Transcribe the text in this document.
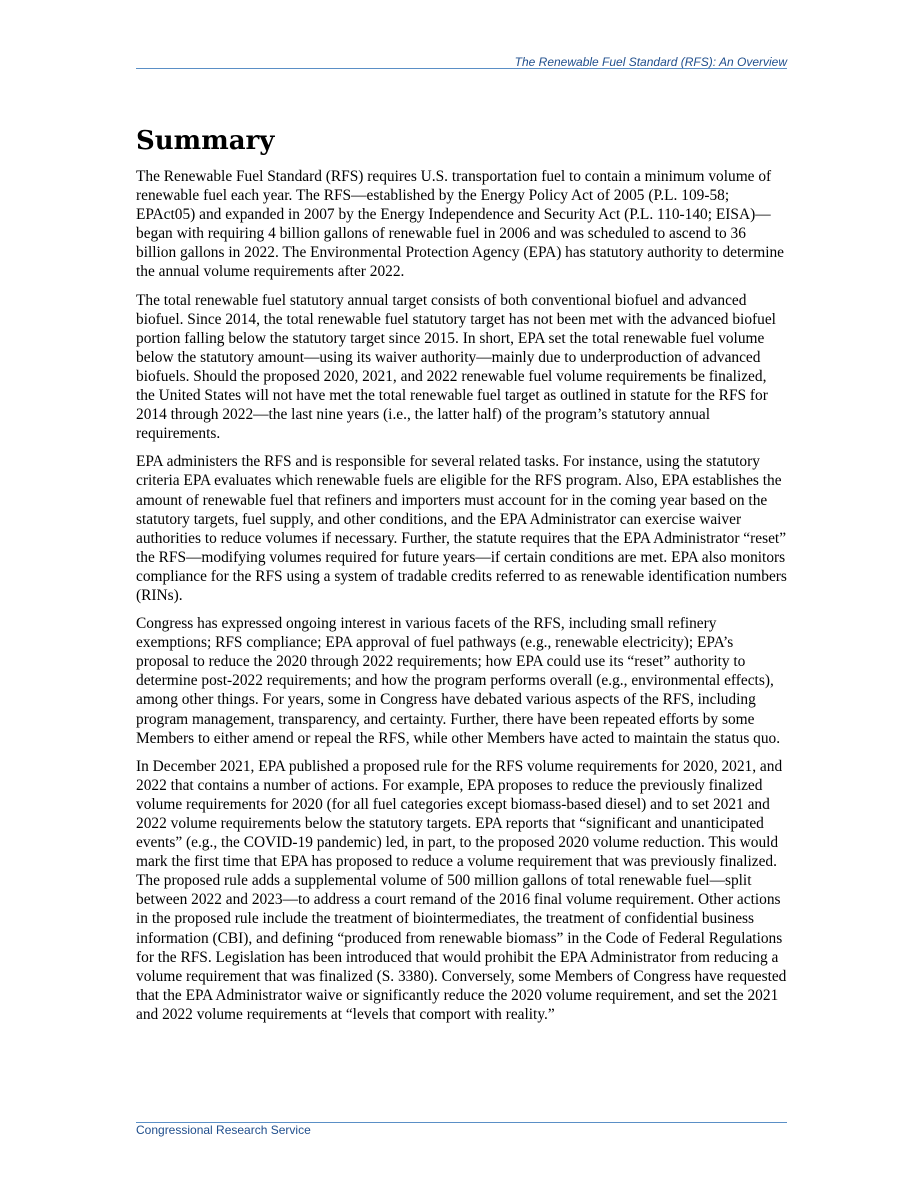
The Renewable Fuel Standard (RFS): An Overview
Summary

The Renewable Fuel Standard (RFS) requires U.S. transportation fuel to contain a minimum volume of renewable fuel each year. The RFS—established by the Energy Policy Act of 2005 (P.L. 109-58; EPAct05) and expanded in 2007 by the Energy Independence and Security Act (P.L. 110-140; EISA)—began with requiring 4 billion gallons of renewable fuel in 2006 and was scheduled to ascend to 36 billion gallons in 2022. The Environmental Protection Agency (EPA) has statutory authority to determine the annual volume requirements after 2022.

The total renewable fuel statutory annual target consists of both conventional biofuel and advanced biofuel. Since 2014, the total renewable fuel statutory target has not been met with the advanced biofuel portion falling below the statutory target since 2015. In short, EPA set the total renewable fuel volume below the statutory amount—using its waiver authority—mainly due to underproduction of advanced biofuels. Should the proposed 2020, 2021, and 2022 renewable fuel volume requirements be finalized, the United States will not have met the total renewable fuel target as outlined in statute for the RFS for 2014 through 2022—the last nine years (i.e., the latter half) of the program’s statutory annual requirements.

EPA administers the RFS and is responsible for several related tasks. For instance, using the statutory criteria EPA evaluates which renewable fuels are eligible for the RFS program. Also, EPA establishes the amount of renewable fuel that refiners and importers must account for in the coming year based on the statutory targets, fuel supply, and other conditions, and the EPA Administrator can exercise waiver authorities to reduce volumes if necessary. Further, the statute requires that the EPA Administrator “reset” the RFS—modifying volumes required for future years—if certain conditions are met. EPA also monitors compliance for the RFS using a system of tradable credits referred to as renewable identification numbers (RINs).

Congress has expressed ongoing interest in various facets of the RFS, including small refinery exemptions; RFS compliance; EPA approval of fuel pathways (e.g., renewable electricity); EPA’s proposal to reduce the 2020 through 2022 requirements; how EPA could use its “reset” authority to determine post-2022 requirements; and how the program performs overall (e.g., environmental effects), among other things. For years, some in Congress have debated various aspects of the RFS, including program management, transparency, and certainty. Further, there have been repeated efforts by some Members to either amend or repeal the RFS, while other Members have acted to maintain the status quo.

In December 2021, EPA published a proposed rule for the RFS volume requirements for 2020, 2021, and 2022 that contains a number of actions. For example, EPA proposes to reduce the previously finalized volume requirements for 2020 (for all fuel categories except biomass-based diesel) and to set 2021 and 2022 volume requirements below the statutory targets. EPA reports that “significant and unanticipated events” (e.g., the COVID-19 pandemic) led, in part, to the proposed 2020 volume reduction. This would mark the first time that EPA has proposed to reduce a volume requirement that was previously finalized. The proposed rule adds a supplemental volume of 500 million gallons of total renewable fuel—split between 2022 and 2023—to address a court remand of the 2016 final volume requirement. Other actions in the proposed rule include the treatment of biointermediates, the treatment of confidential business information (CBI), and defining “produced from renewable biomass” in the Code of Federal Regulations for the RFS. Legislation has been introduced that would prohibit the EPA Administrator from reducing a volume requirement that was finalized (S. 3380). Conversely, some Members of Congress have requested that the EPA Administrator waive or significantly reduce the 2020 volume requirement, and set the 2021 and 2022 volume requirements at “levels that comport with reality.”

Congressional Research Service
